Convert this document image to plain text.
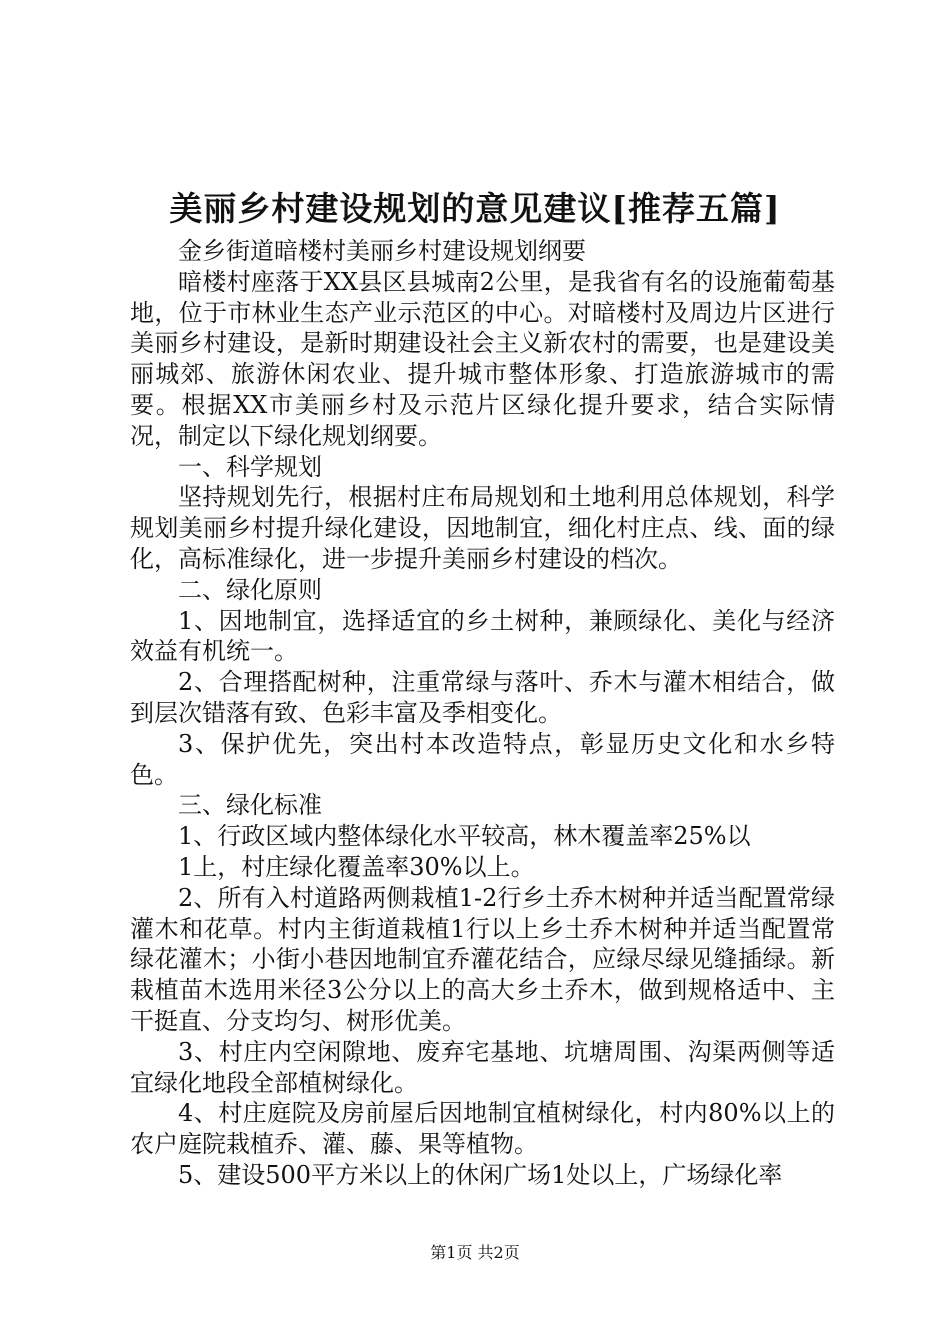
美丽乡村建设规划的意见建议[推荐五篇]

金乡街道暗楼村美丽乡村建设规划纲要

暗楼村座落于XX县区县城南2公里，是我省有名的设施葡萄基地，位于市林业生态产业示范区的中心。对暗楼村及周边片区进行美丽乡村建设，是新时期建设社会主义新农村的需要，也是建设美丽城郊、旅游休闲农业、提升城市整体形象、打造旅游城市的需要。根据XX市美丽乡村及示范片区绿化提升要求，结合实际情况，制定以下绿化规划纲要。

一、科学规划

坚持规划先行，根据村庄布局规划和土地利用总体规划，科学规划美丽乡村提升绿化建设，因地制宜，细化村庄点、线、面的绿化，高标准绿化，进一步提升美丽乡村建设的档次。

二、绿化原则

1、因地制宜，选择适宜的乡土树种，兼顾绿化、美化与经济效益有机统一。

2、合理搭配树种，注重常绿与落叶、乔木与灌木相结合，做到层次错落有致、色彩丰富及季相变化。

3、保护优先，突出村本改造特点，彰显历史文化和水乡特色。

三、绿化标准

1、行政区域内整体绿化水平较高，林木覆盖率25%以

1上，村庄绿化覆盖率30%以上。

2、所有入村道路两侧栽植1-2行乡土乔木树种并适当配置常绿灌木和花草。村内主街道栽植1行以上乡土乔木树种并适当配置常绿花灌木；小街小巷因地制宜乔灌花结合，应绿尽绿见缝插绿。新栽植苗木选用米径3公分以上的高大乡土乔木，做到规格适中、主干挺直、分支均匀、树形优美。

3、村庄内空闲隙地、废弃宅基地、坑塘周围、沟渠两侧等适宜绿化地段全部植树绿化。

4、村庄庭院及房前屋后因地制宜植树绿化，村内80%以上的农户庭院栽植乔、灌、藤、果等植物。

5、建设500平方米以上的休闲广场1处以上，广场绿化率

第1页 共2页
